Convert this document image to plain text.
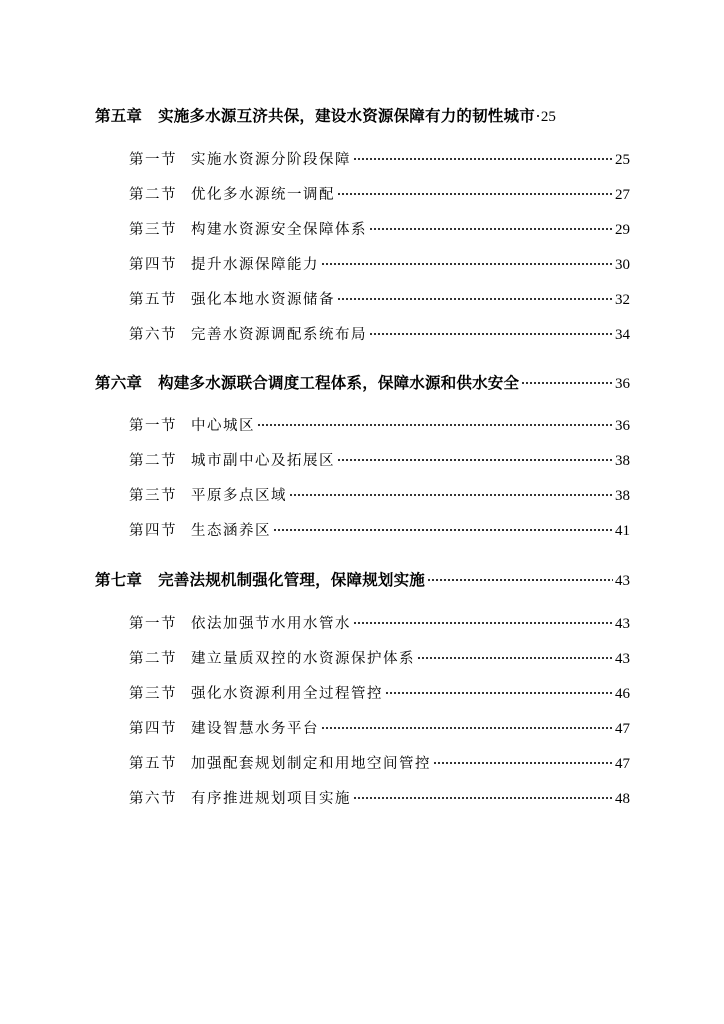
第五章 实施多水源互济共保，建设水资源保障有力的韧性城市 25
第一节 实施水资源分阶段保障	25
第二节 优化多水源统一调配	27
第三节 构建水资源安全保障体系	29
第四节 提升水源保障能力	30
第五节 强化本地水资源储备	32
第六节 完善水资源调配系统布局	34
第六章 构建多水源联合调度工程体系，保障水源和供水安全	36
第一节 中心城区	36
第二节 城市副中心及拓展区	38
第三节 平原多点区域	38
第四节 生态涵养区	41
第七章 完善法规机制强化管理，保障规划实施	43
第一节 依法加强节水用水管水	43
第二节 建立量质双控的水资源保护体系	43
第三节 强化水资源利用全过程管控	46
第四节 建设智慧水务平台	47
第五节 加强配套规划制定和用地空间管控	47
第六节 有序推进规划项目实施	48
